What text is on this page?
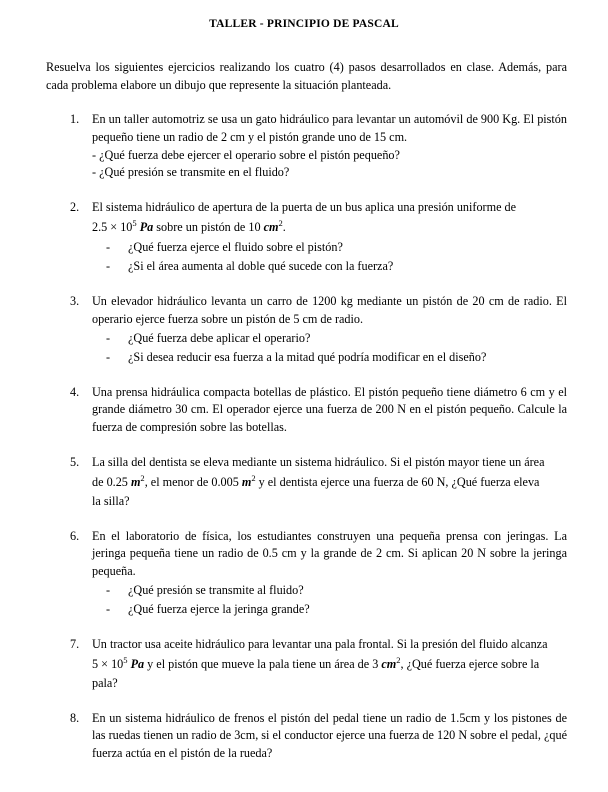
TALLER - PRINCIPIO DE PASCAL

Resuelva los siguientes ejercicios realizando los cuatro (4) pasos desarrollados en clase. Además, para cada problema elabore un dibujo que represente la situación planteada.

1.	En un taller automotriz se usa un gato hidráulico para levantar un automóvil de 900 Kg. El pistón pequeño tiene un radio de 2 cm y el pistón grande uno de 15 cm.
- ¿Qué fuerza debe ejercer el operario sobre el pistón pequeño?
- ¿Qué presión se transmite en el fluido?
2.	El sistema hidráulico de apertura de la puerta de un bus aplica una presión uniforme de
$2.5 \times 10^5$ Pa sobre un pistón de 10 $cm^2$.
- ¿Qué fuerza ejerce el fluido sobre el pistón?
- ¿Si el área aumenta al doble qué sucede con la fuerza?
3.	Un elevador hidráulico levanta un carro de 1200 kg mediante un pistón de 20 cm de radio. El operario ejerce fuerza sobre un pistón de 5 cm de radio.
- ¿Qué fuerza debe aplicar el operario?
- ¿Si desea reducir esa fuerza a la mitad qué podría modificar en el diseño?
4.	Una prensa hidráulica compacta botellas de plástico. El pistón pequeño tiene diámetro 6 cm y el grande diámetro 30 cm. El operador ejerce una fuerza de 200 N en el pistón pequeño. Calcule la fuerza de compresión sobre las botellas.
5.	La silla del dentista se eleva mediante un sistema hidráulico. Si el pistón mayor tiene un área
de 0.25 $m^2$, el menor de 0.005 $m^2$ y el dentista ejerce una fuerza de 60 N, ¿Qué fuerza eleva
la silla?
6.	En el laboratorio de física, los estudiantes construyen una pequeña prensa con jeringas. La jeringa pequeña tiene un radio de 0.5 cm y la grande de 2 cm. Si aplican 20 N sobre la jeringa pequeña.
- ¿Qué presión se transmite al fluido?
- ¿Qué fuerza ejerce la jeringa grande?
7.	Un tractor usa aceite hidráulico para levantar una pala frontal. Si la presión del fluido alcanza
$5 \times 10^5$ Pa y el pistón que mueve la pala tiene un área de 3 $cm^2$, ¿Qué fuerza ejerce sobre la
pala?
8.	En un sistema hidráulico de frenos el pistón del pedal tiene un radio de 1.5cm y los pistones de las ruedas tienen un radio de 3cm, si el conductor ejerce una fuerza de 120 N sobre el pedal, ¿qué fuerza actúa en el pistón de la rueda?
